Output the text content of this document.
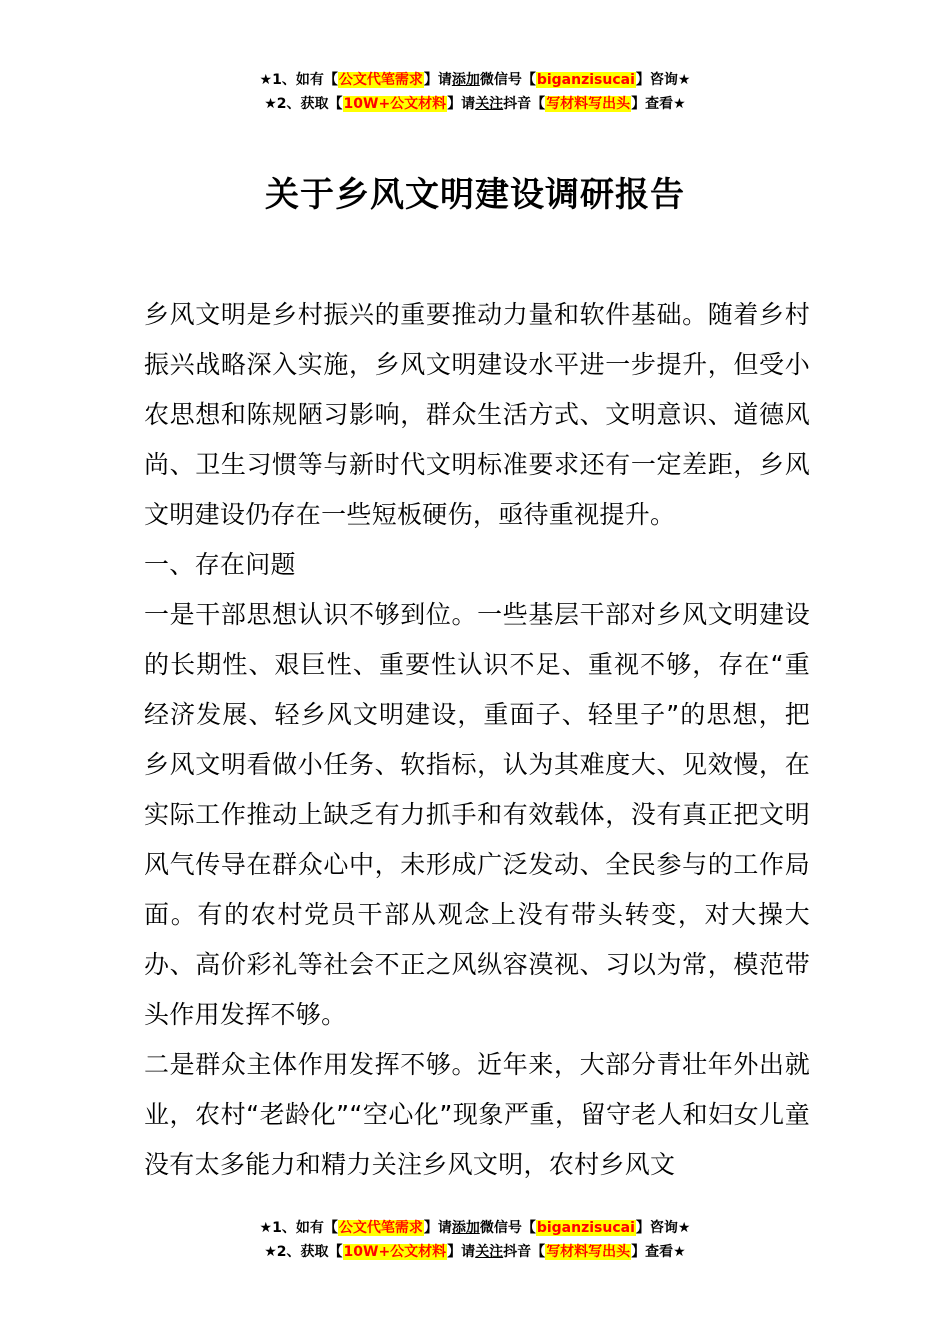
★1、如有【公文代笔需求】请添加微信号【biganzisucai】咨询★
★2、获取【10W+公文材料】请关注抖音【写材料写出头】查看★
关于乡风文明建设调研报告

乡风文明是乡村振兴的重要推动力量和软件基础。随着乡村振兴战略深入实施，乡风文明建设水平进一步提升，但受小农思想和陈规陋习影响，群众生活方式、文明意识、道德风尚、卫生习惯等与新时代文明标准要求还有一定差距，乡风文明建设仍存在一些短板硬伤，亟待重视提升。

一、存在问题

一是干部思想认识不够到位。一些基层干部对乡风文明建设的长期性、艰巨性、重要性认识不足、重视不够，存在“重经济发展、轻乡风文明建设，重面子、轻里子”的思想，把乡风文明看做小任务、软指标，认为其难度大、见效慢，在实际工作推动上缺乏有力抓手和有效载体，没有真正把文明风气传导在群众心中，未形成广泛发动、全民参与的工作局面。有的农村党员干部从观念上没有带头转变，对大操大办、高价彩礼等社会不正之风纵容漠视、习以为常，模范带头作用发挥不够。

二是群众主体作用发挥不够。近年来，大部分青壮年外出就业，农村“老龄化”“空心化”现象严重，留守老人和妇女儿童没有太多能力和精力关注乡风文明，农村乡风文

★1、如有【公文代笔需求】请添加微信号【biganzisucai】咨询★
★2、获取【10W+公文材料】请关注抖音【写材料写出头】查看★
